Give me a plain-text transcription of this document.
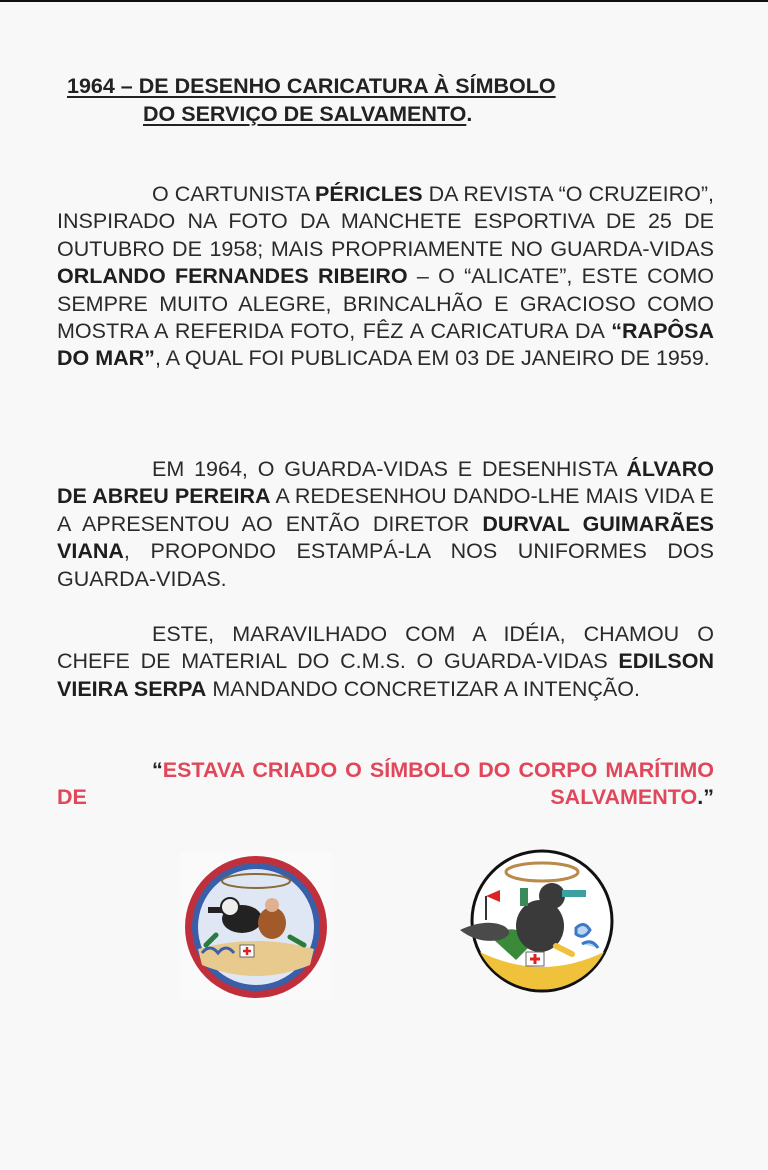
1964 – DE DESENHO CARICATURA À SÍMBOLO
DO SERVIÇO DE SALVAMENTO.

O CARTUNISTA PÉRICLES DA REVISTA “O CRUZEIRO”, INSPIRADO NA FOTO DA MANCHETE ESPORTIVA DE 25 DE OUTUBRO DE 1958; MAIS PROPRIAMENTE NO GUARDA-VIDAS ORLANDO FERNANDES RIBEIRO – O “ALICATE”, ESTE COMO SEMPRE MUITO ALEGRE, BRINCALHÃO E GRACIOSO COMO MOSTRA A REFERIDA FOTO, FÊZ A CARICATURA DA “RAPÔSA DO MAR”, A QUAL FOI PUBLICADA EM 03 DE JANEIRO DE 1959.

EM 1964, O GUARDA-VIDAS E DESENHISTA ÁLVARO DE ABREU PEREIRA A REDESENHOU DANDO-LHE MAIS VIDA E A APRESENTOU AO ENTÃO DIRETOR DURVAL GUIMARÃES VIANA, PROPONDO ESTAMPÁ-LA NOS UNIFORMES DOS GUARDA-VIDAS.

ESTE, MARAVILHADO COM A IDÉIA, CHAMOU O CHEFE DE MATERIAL DO C.M.S. O GUARDA-VIDAS EDILSON VIEIRA SERPA MANDANDO CONCRETIZAR A INTENÇÃO.

“ESTAVA CRIADO O SÍMBOLO DO CORPO MARÍTIMO DE SALVAMENTO.”
